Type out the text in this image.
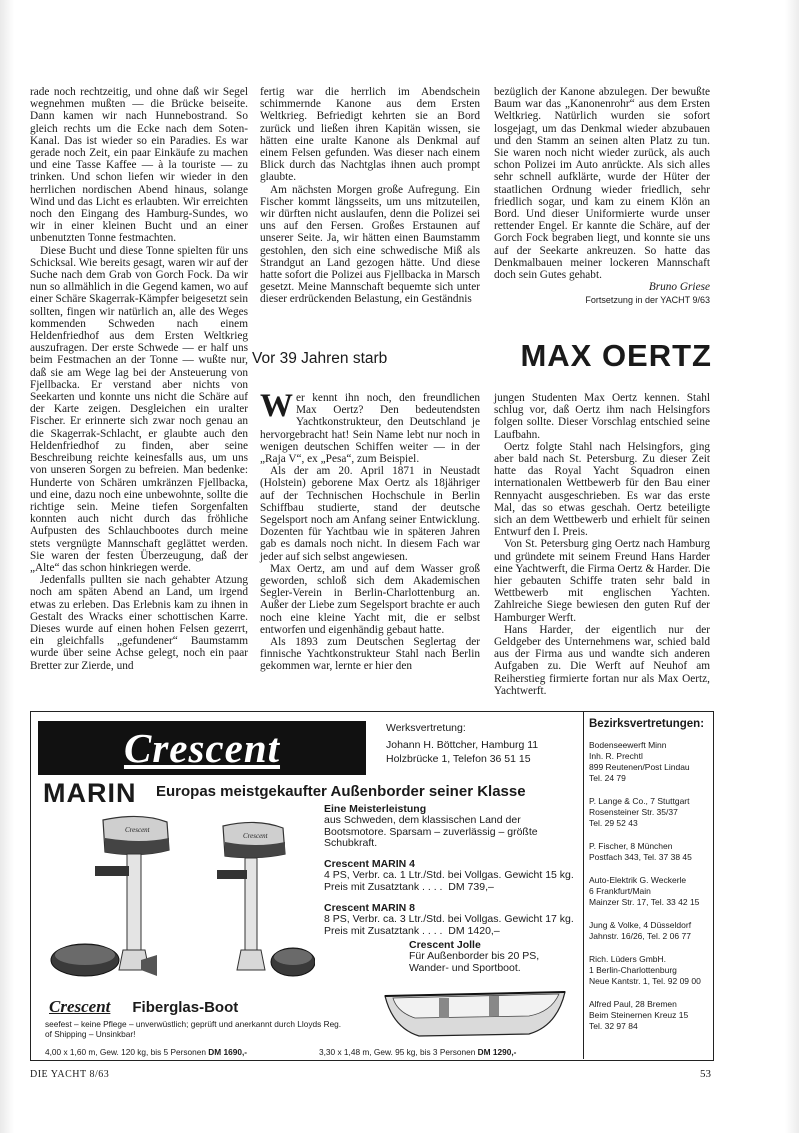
rade noch rechtzeitig, und ohne daß wir Segel wegnehmen mußten — die Brücke beiseite. Dann kamen wir nach Hunnebostrand. So gleich rechts um die Ecke nach dem Soten-Kanal. Das ist wieder so ein Paradies. Es war gerade noch Zeit, ein paar Einkäufe zu machen und eine Tasse Kaffee — à la touriste — zu trinken. Und schon liefen wir wieder in den herrlichen nordischen Abend hinaus, solange Wind und das Licht es erlaubten. Wir erreichten noch den Eingang des Hamburg-Sundes, wo wir in einer kleinen Bucht und an einer unbenutzten Tonne festmachten.

Diese Bucht und diese Tonne spielten für uns Schicksal. Wie bereits gesagt, waren wir auf der Suche nach dem Grab von Gorch Fock. Da wir nun so allmählich in die Gegend kamen, wo auf einer Schäre Skagerrak-Kämpfer beigesetzt sein sollten, fingen wir natürlich an, alle des Weges kommenden Schweden nach einem Heldenfriedhof aus dem Ersten Weltkrieg auszufragen. Der erste Schwede — er half uns beim Festmachen an der Tonne — wußte nur, daß sie am Wege lag bei der Ansteuerung von Fjellbacka. Er verstand aber nichts von Seekarten und konnte uns nicht die Schäre auf der Karte zeigen. Desgleichen ein uralter Fischer. Er erinnerte sich zwar noch genau an die Skagerrak-Schlacht, er glaubte auch den Heldenfriedhof zu finden, aber seine Beschreibung reichte keinesfalls aus, um uns von unseren Sorgen zu befreien. Man bedenke: Hunderte von Schären umkränzen Fjellbacka, und eine, dazu noch eine unbewohnte, sollte die richtige sein. Meine tiefen Sorgenfalten konnten auch nicht durch das fröhliche Aufpusten des Schlauchbootes durch meine stets vergnügte Mannschaft geglättet werden. Sie waren der festen Überzeugung, daß der „Alte“ das schon hinkriegen werde.

Jedenfalls pullten sie nach gehabter Atzung noch am späten Abend an Land, um irgend etwas zu erleben. Das Erlebnis kam zu ihnen in Gestalt des Wracks einer schottischen Karre. Dieses wurde auf einen hohen Felsen gezerrt, ein gleichfalls „gefundener“ Baumstamm wurde über seine Achse gelegt, noch ein paar Bretter zur Zierde, und

fertig war die herrlich im Abendschein schimmernde Kanone aus dem Ersten Weltkrieg. Befriedigt kehrten sie an Bord zurück und ließen ihren Kapitän wissen, sie hätten eine uralte Kanone als Denkmal auf einem Felsen gefunden. Was dieser nach einem Blick durch das Nachtglas ihnen auch prompt glaubte.

Am nächsten Morgen große Aufregung. Ein Fischer kommt längsseits, um uns mitzuteilen, wir dürften nicht auslaufen, denn die Polizei sei uns auf den Fersen. Großes Erstaunen auf unserer Seite. Ja, wir hätten einen Baumstamm gestohlen, den sich eine schwedische Miß als Strandgut an Land gezogen hätte. Und diese hatte sofort die Polizei aus Fjellbacka in Marsch gesetzt. Meine Mannschaft bequemte sich unter dieser erdrückenden Belastung, ein Geständnis

bezüglich der Kanone abzulegen. Der bewußte Baum war das „Kanonenrohr“ aus dem Ersten Weltkrieg. Natürlich wurden sie sofort losgejagt, um das Denkmal wieder abzubauen und den Stamm an seinen alten Platz zu tun. Sie waren noch nicht wieder zurück, als auch schon Polizei im Auto anrückte. Als sich alles sehr schnell aufklärte, wurde der Hüter der staatlichen Ordnung wieder friedlich, sehr friedlich sogar, und kam zu einem Klön an Bord. Und dieser Uniformierte wurde unser rettender Engel. Er kannte die Schäre, auf der Gorch Fock begraben liegt, und konnte sie uns auf der Seekarte ankreuzen. So hatte das Denkmalbauen meiner lockeren Mannschaft doch sein Gutes gehabt.

Bruno Griese
Fortsetzung in der YACHT 9/63
Vor 39 Jahren starb	MAX OERTZ

Wer kennt ihn noch, den freundlichen Max Oertz? Den bedeutendsten Yachtkonstrukteur, den Deutschland je hervorgebracht hat! Sein Name lebt nur noch in wenigen deutschen Schiffen weiter — in der „Raja V“, ex „Pesa“, zum Beispiel.

Als der am 20. April 1871 in Neustadt (Holstein) geborene Max Oertz als 18jähriger auf der Technischen Hochschule in Berlin Schiffbau studierte, stand der deutsche Segelsport noch am Anfang seiner Entwicklung. Dozenten für Yachtbau wie in späteren Jahren gab es damals noch nicht. In diesem Fach war jeder auf sich selbst angewiesen.

Max Oertz, am und auf dem Wasser groß geworden, schloß sich dem Akademischen Segler-Verein in Berlin-Charlottenburg an. Außer der Liebe zum Segelsport brachte er auch noch eine kleine Yacht mit, die er selbst entworfen und eigenhändig gebaut hatte.

Als 1893 zum Deutschen Seglertag der finnische Yachtkonstrukteur Stahl nach Berlin gekommen war, lernte er hier den

jungen Studenten Max Oertz kennen. Stahl schlug vor, daß Oertz ihm nach Helsingfors folgen sollte. Dieser Vorschlag entschied seine Laufbahn.

Oertz folgte Stahl nach Helsingfors, ging aber bald nach St. Petersburg. Zu dieser Zeit hatte das Royal Yacht Squadron einen internationalen Wettbewerb für den Bau einer Rennyacht ausgeschrieben. Es war das erste Mal, das so etwas geschah. Oertz beteiligte sich an dem Wettbewerb und erhielt für seinen Entwurf den I. Preis.

Von St. Petersburg ging Oertz nach Hamburg und gründete mit seinem Freund Hans Harder eine Yachtwerft, die Firma Oertz & Harder. Die hier gebauten Schiffe traten sehr bald in Wettbewerb mit englischen Yachten. Zahlreiche Siege bewiesen den guten Ruf der Hamburger Werft.

Hans Harder, der eigentlich nur der Geldgeber des Unternehmens war, schied bald aus der Firma aus und wandte sich anderen Aufgaben zu. Die Werft auf Neuhof am Reiherstieg firmierte fortan nur als Max Oertz, Yachtwerft.

Crescent	Werksvertretung:
Johann H. Böttcher, Hamburg 11
Holzbrücke 1, Telefon 36 51 15
MARIN Europas meistgekaufter Außenborder seiner Klasse
Crescent
Crescent
Eine Meisterleistung
aus Schweden, dem klassischen Land der Bootsmotore. Sparsam – zuverlässig – größte Schubkraft.
Crescent MARIN 4
4 PS, Verbr. ca. 1 Ltr./Std. bei Vollgas. Gewicht 15 kg. Preis mit Zusatztank . . . .  DM 739,–
Crescent MARIN 8
8 PS, Verbr. ca. 3 Ltr./Std. bei Vollgas. Gewicht 17 kg. Preis mit Zusatztank . . . .  DM 1420,–
Crescent Jolle
Für Außenborder bis 20 PS, Wander- und Sportboot.
Crescent Fiberglas-Boot
seefest – keine Pflege – unverwüstlich; geprüft und anerkannt durch Lloyds Reg. of Shipping – Unsinkbar!
4,00 x 1,60 m, Gew. 120 kg, bis 5 Personen DM 1690,-	3,30 x 1,48 m, Gew. 95 kg, bis 3 Personen DM 1290,-
Bezirksvertretungen:
Bodenseewerft Minn
Inh. R. Prechtl
899 Reutenen/Post Lindau
Tel. 24 79
P. Lange & Co., 7 Stuttgart
Rosensteiner Str. 35/37
Tel. 29 52 43
P. Fischer, 8 München
Postfach 343, Tel. 37 38 45
Auto-Elektrik G. Weckerle
6 Frankfurt/Main
Mainzer Str. 17, Tel. 33 42 15
Jung & Volke, 4 Düsseldorf
Jahnstr. 16/26, Tel. 2 06 77
Rich. Lüders GmbH.
1 Berlin-Charlottenburg
Neue Kantstr. 1, Tel. 92 09 00
Alfred Paul, 28 Bremen
Beim Steinernen Kreuz 15
Tel. 32 97 84
DIE YACHT 8/63	53
